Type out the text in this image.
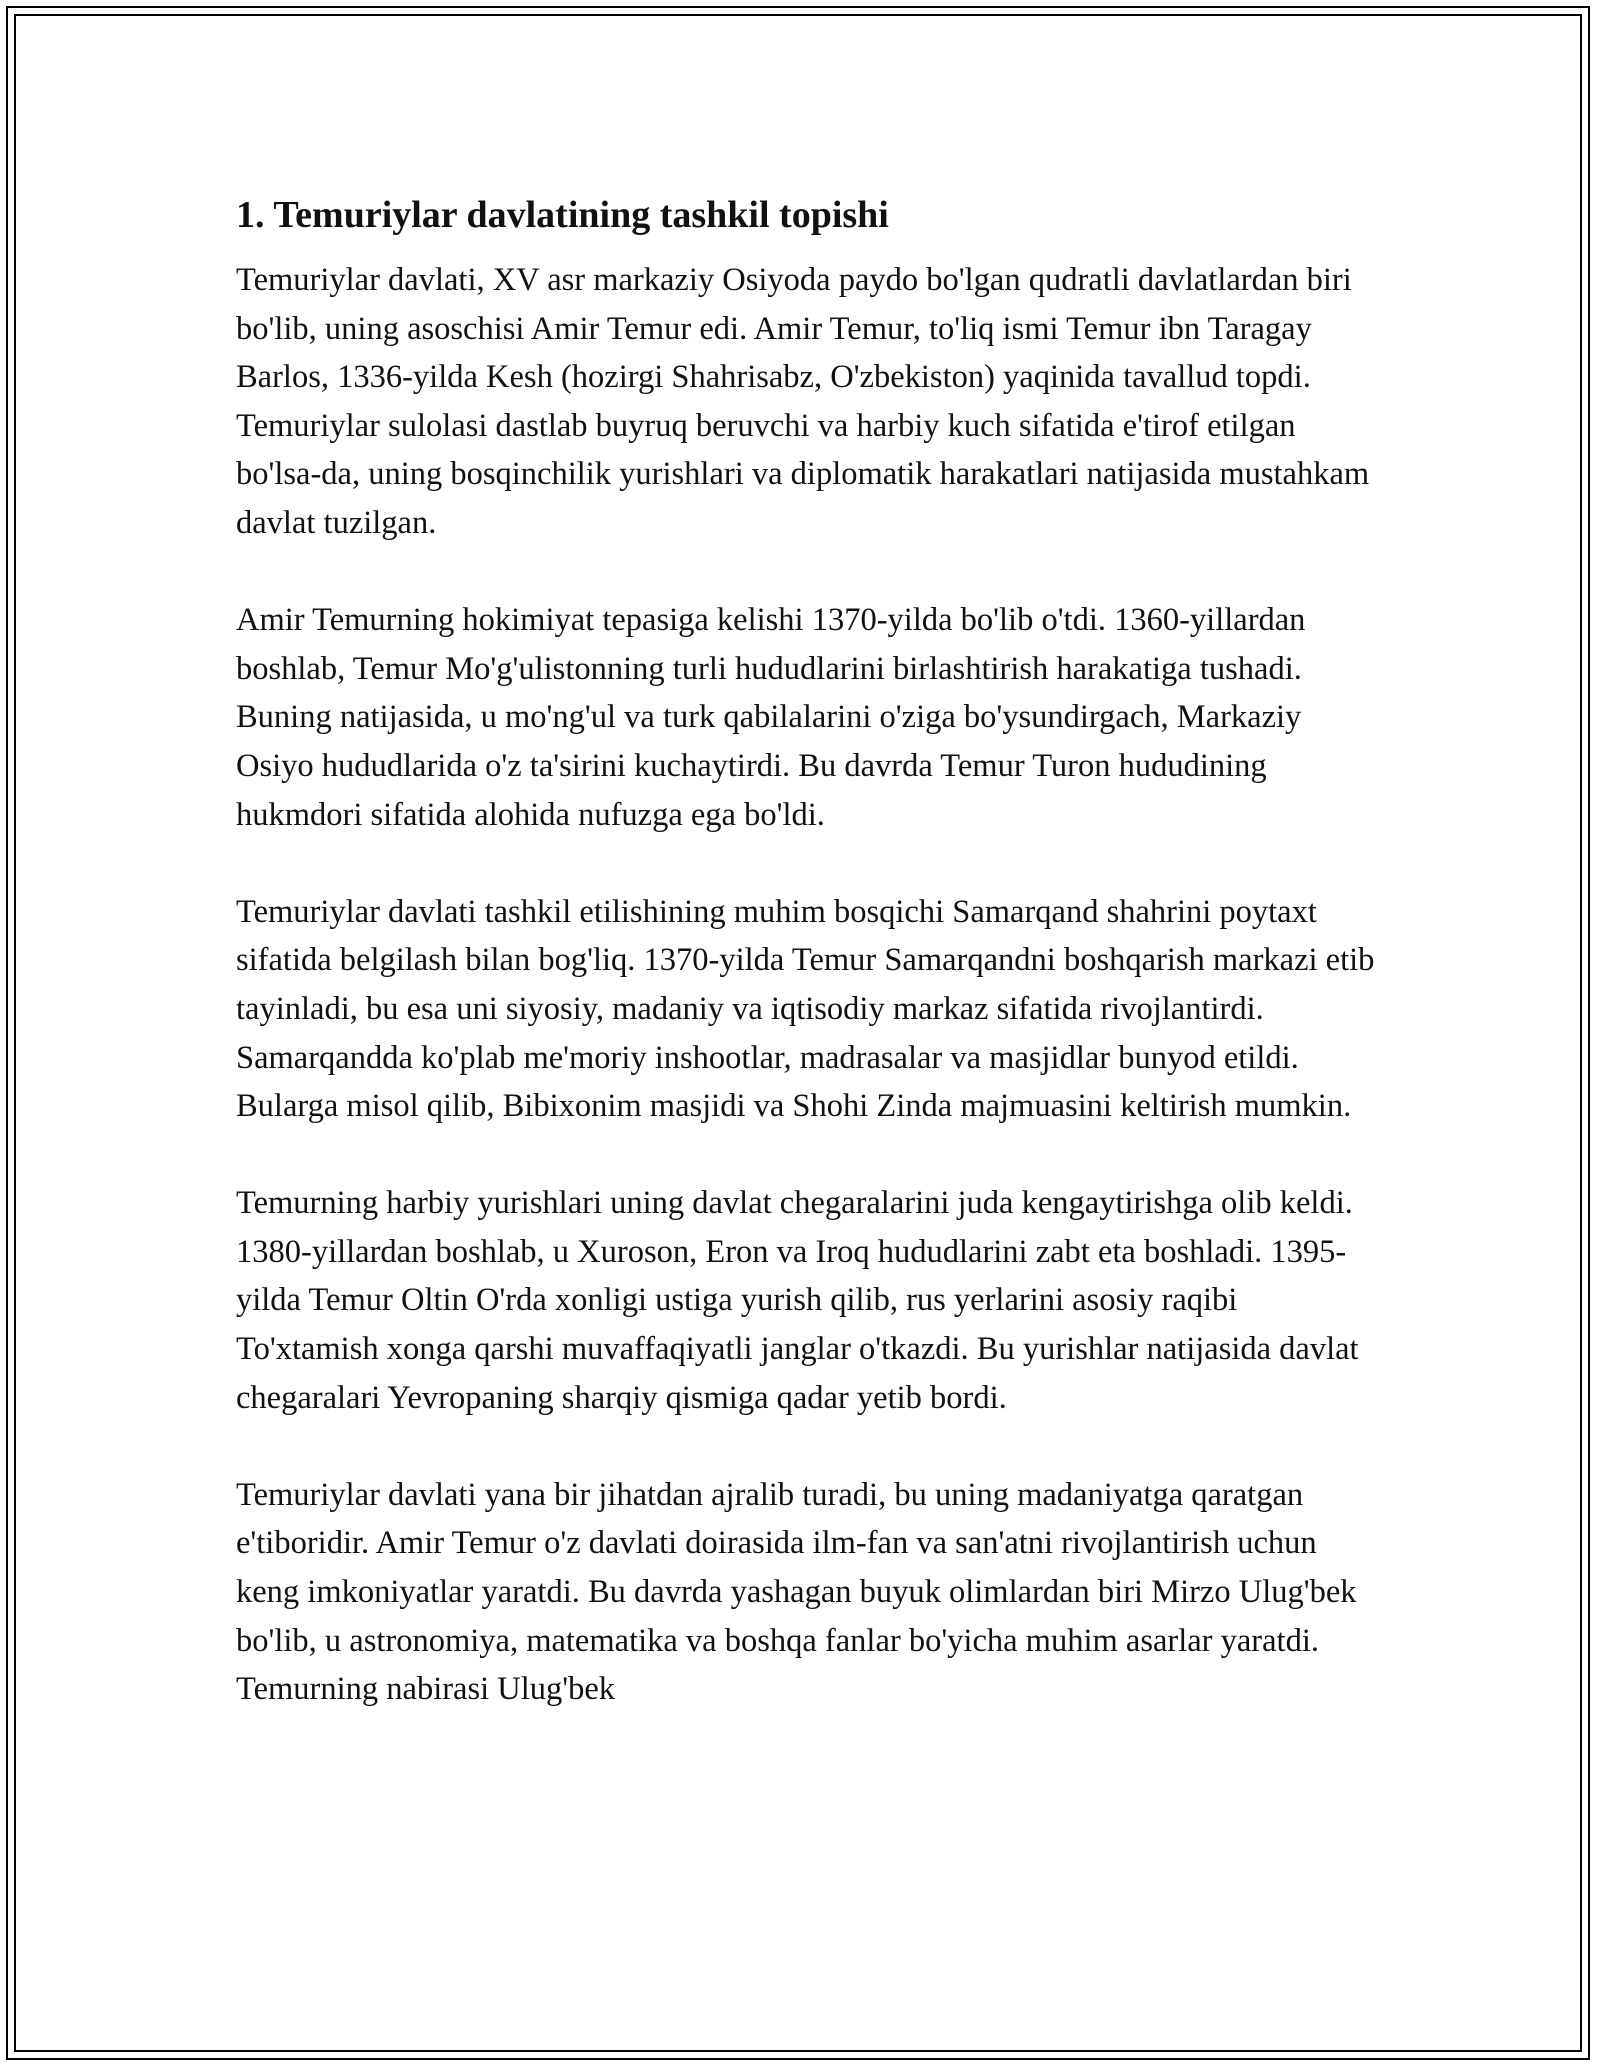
1. Temuriylar davlatining tashkil topishi

Temuriylar davlati, XV asr markaziy Osiyoda paydo bo'lgan qudratli davlatlardan biri bo'lib, uning asoschisi Amir Temur edi. Amir Temur, to'liq ismi Temur ibn Taragay Barlos, 1336-yilda Kesh (hozirgi Shahrisabz, O'zbekiston) yaqinida tavallud topdi. Temuriylar sulolasi dastlab buyruq beruvchi va harbiy kuch sifatida e'tirof etilgan bo'lsa-da, uning bosqinchilik yurishlari va diplomatik harakatlari natijasida mustahkam davlat tuzilgan.

Amir Temurning hokimiyat tepasiga kelishi 1370-yilda bo'lib o'tdi. 1360-yillardan boshlab, Temur Mo'g'ulistonning turli hududlarini birlashtirish harakatiga tushadi. Buning natijasida, u mo'ng'ul va turk qabilalarini o'ziga bo'ysundirgach, Markaziy Osiyo hududlarida o'z ta'sirini kuchaytirdi. Bu davrda Temur Turon hududining hukmdori sifatida alohida nufuzga ega bo'ldi.

Temuriylar davlati tashkil etilishining muhim bosqichi Samarqand shahrini poytaxt sifatida belgilash bilan bog'liq. 1370-yilda Temur Samarqandni boshqarish markazi etib tayinladi, bu esa uni siyosiy, madaniy va iqtisodiy markaz sifatida rivojlantirdi. Samarqandda ko'plab me'moriy inshootlar, madrasalar va masjidlar bunyod etildi. Bularga misol qilib, Bibixonim masjidi va Shohi Zinda majmuasini keltirish mumkin.

Temurning harbiy yurishlari uning davlat chegaralarini juda kengaytirishga olib keldi. 1380-yillardan boshlab, u Xuroson, Eron va Iroq hududlarini zabt eta boshladi. 1395-yilda Temur Oltin O'rda xonligi ustiga yurish qilib, rus yerlarini asosiy raqibi To'xtamish xonga qarshi muvaffaqiyatli janglar o'tkazdi. Bu yurishlar natijasida davlat chegaralari Yevropaning sharqiy qismiga qadar yetib bordi.

Temuriylar davlati yana bir jihatdan ajralib turadi, bu uning madaniyatga qaratgan e'tiboridir. Amir Temur o'z davlati doirasida ilm-fan va san'atni rivojlantirish uchun keng imkoniyatlar yaratdi. Bu davrda yashagan buyuk olimlardan biri Mirzo Ulug'bek bo'lib, u astronomiya, matematika va boshqa fanlar bo'yicha muhim asarlar yaratdi. Temurning nabirasi Ulug'bek
